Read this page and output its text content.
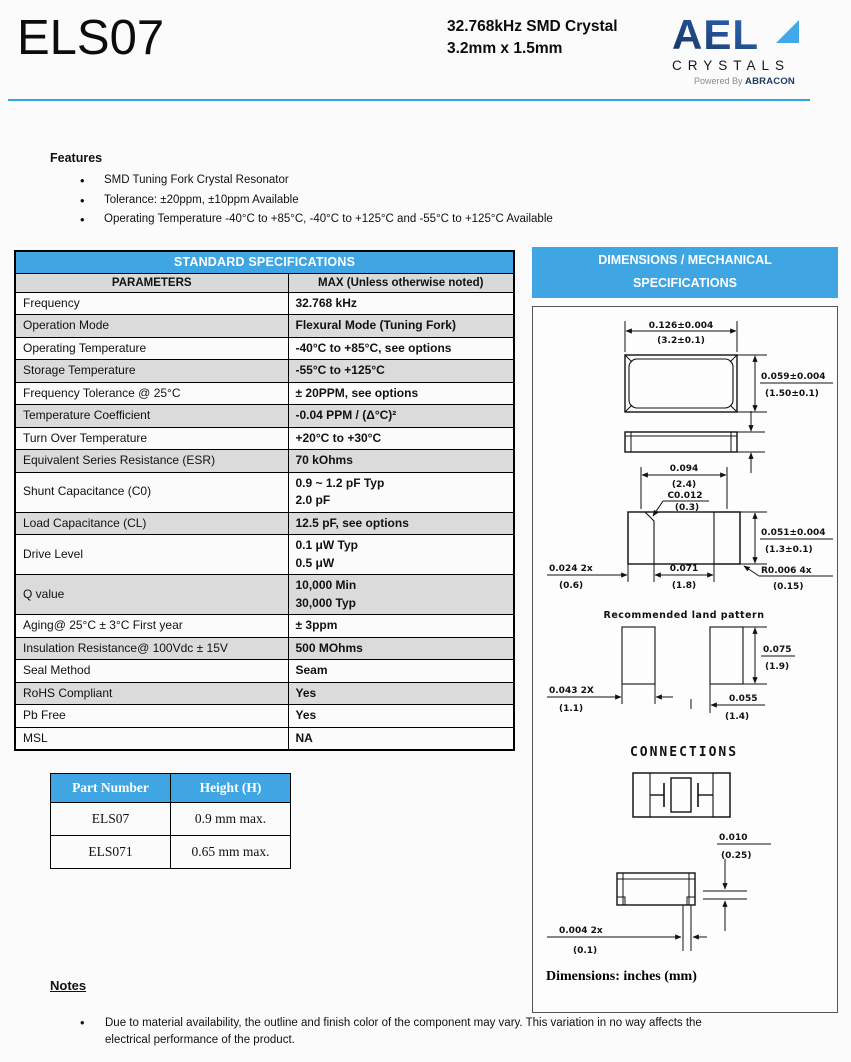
ELS07	32.768kHz SMD Crystal
3.2mm x 1.5mm	AEL
CRYSTALS
Powered By ABRACON
Features
• SMD Tuning Fork Crystal Resonator
• Tolerance: ±20ppm, ±10ppm Available
• Operating Temperature -40°C to +85°C, -40°C to +125°C and -55°C to +125°C Available
STANDARD SPECIFICATIONS	
PARAMETERS	MAX (Unless otherwise noted)
Frequency	32.768 kHz

Operation Mode	Flexural Mode (Tuning Fork)

Operating Temperature	-40°C to +85°C, see options

Storage Temperature	-55°C to +125°C

Frequency Tolerance @ 25°C	± 20PPM, see options

Temperature Coefficient	-0.04 PPM / (Δ°C)²

Turn Over Temperature	+20°C to +30°C

Equivalent Series Resistance (ESR)	70 kOhms

Shunt Capacitance (C0)	0.9 ~ 1.2 pF Typ
2.0 pF

Load Capacitance (CL)	12.5 pF, see options

Drive Level	0.1 μW Typ
0.5 μW

Q value	10,000 Min
30,000 Typ

Aging@ 25°C ± 3°C First year	± 3ppm

Insulation Resistance@ 100Vdc ± 15V	500 MOhms

Seal Method	Seam

RoHS Compliant	Yes

Pb Free	Yes

MSL	NA
DIMENSIONS / MECHANICAL
SPECIFICATIONS
0.126±0.004
(3.2±0.1)
0.059±0.004
(1.50±0.1)
0.094
(2.4)
C0.012
(0.3)
0.051±0.004
(1.3±0.1)
0.024 2x
(0.6)
0.071
(1.8)
R0.006 4x
(0.15)
Recommended land pattern
0.075
(1.9)
0.043 2X
(1.1)
0.055
(1.4)
CONNECTIONS
0.010
(0.25)
0.004 2x
(0.1)
Dimensions: inches (mm)
Part Number	Height (H)
ELS07	0.9 mm max.
ELS071	0.65 mm max.
Notes
• Due to material availability, the outline and finish color of the component may vary. This variation in no way affects the electrical performance of the product.
